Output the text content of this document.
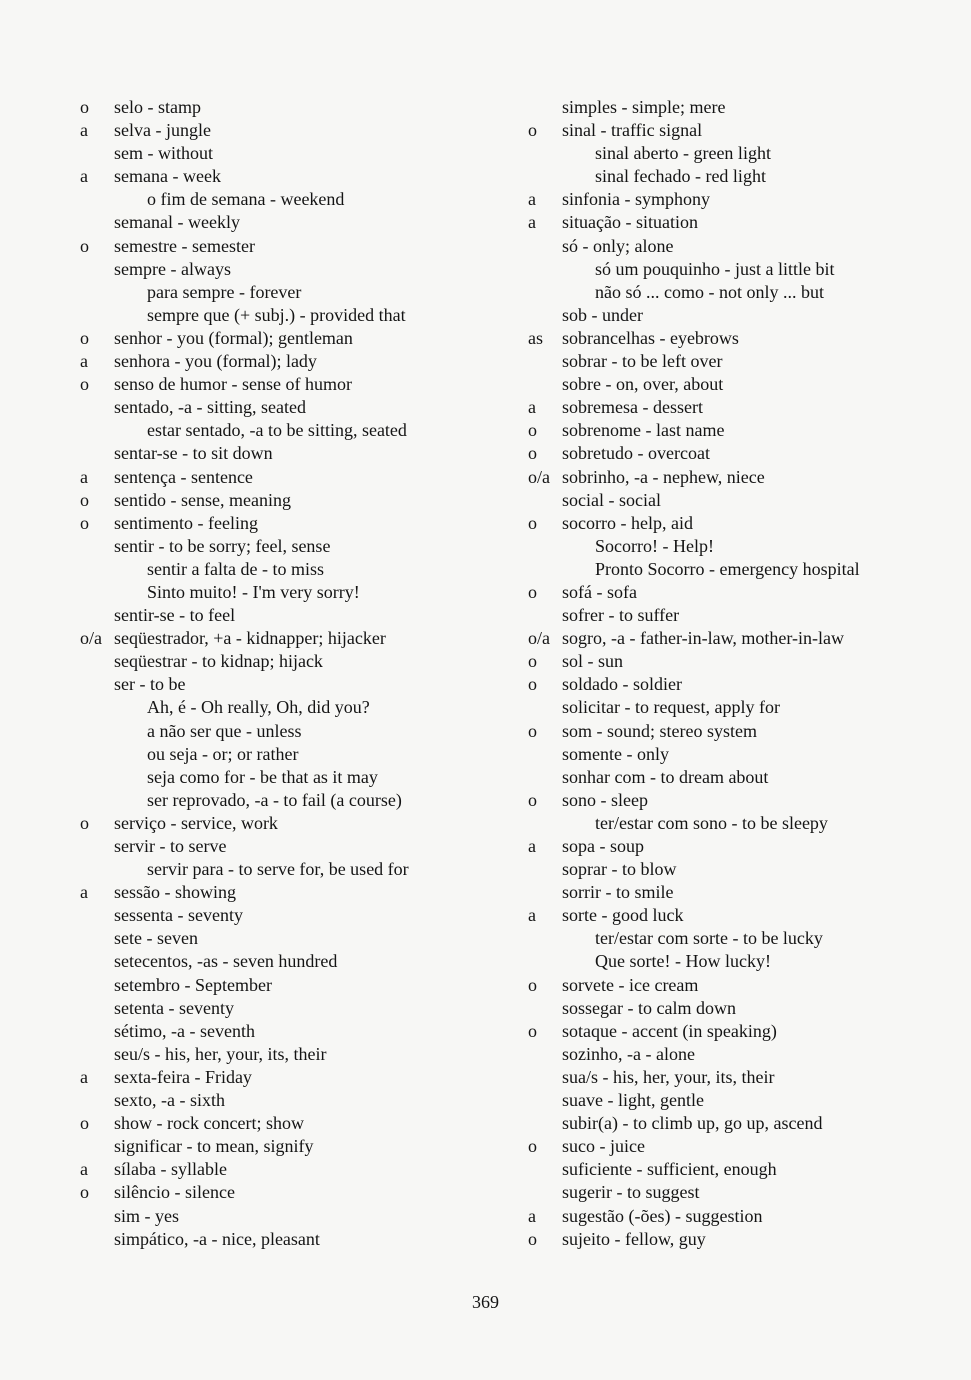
o selo - stamp
a selva - jungle
sem - without
a semana - week
o fim de semana - weekend
semanal - weekly
o semestre - semester
sempre - always
para sempre - forever
sempre que (+ subj.) - provided that
o senhor - you (formal); gentleman
a senhora - you (formal); lady
o senso de humor - sense of humor
sentado, -a - sitting, seated
estar sentado, -a to be sitting, seated
sentar-se - to sit down
a sentença - sentence
o sentido - sense, meaning
o sentimento - feeling
sentir - to be sorry; feel, sense
sentir a falta de - to miss
Sinto muito! - I'm very sorry!
sentir-se - to feel
o/a seqüestrador, +a - kidnapper; hijacker
seqüestrar - to kidnap; hijack
ser - to be
Ah, é - Oh really, Oh, did you?
a não ser que - unless
ou seja - or; or rather
seja como for - be that as it may
ser reprovado, -a - to fail (a course)
o serviço - service, work
servir - to serve
servir para - to serve for, be used for
a sessão - showing
sessenta - seventy
sete - seven
setecentos, -as - seven hundred
setembro - September
setenta - seventy
sétimo, -a - seventh
seu/s - his, her, your, its, their
a sexta-feira - Friday
sexto, -a - sixth
o show - rock concert; show
significar - to mean, signify
a sílaba - syllable
o silêncio - silence
sim - yes
simpático, -a - nice, pleasant
simples - simple; mere
o sinal - traffic signal
sinal aberto - green light
sinal fechado - red light
a sinfonia - symphony
a situação - situation
só - only; alone
só um pouquinho - just a little bit
não só ... como - not only ... but
sob - under
as sobrancelhas - eyebrows
sobrar - to be left over
sobre - on, over, about
a sobremesa - dessert
o sobrenome - last name
o sobretudo - overcoat
o/a sobrinho, -a - nephew, niece
social - social
o socorro - help, aid
Socorro! - Help!
Pronto Socorro - emergency hospital
o sofá - sofa
sofrer - to suffer
o/a sogro, -a - father-in-law, mother-in-law
o sol - sun
o soldado - soldier
solicitar - to request, apply for
o som - sound; stereo system
somente - only
sonhar com - to dream about
o sono - sleep
ter/estar com sono - to be sleepy
a sopa - soup
soprar - to blow
sorrir - to smile
a sorte - good luck
ter/estar com sorte - to be lucky
Que sorte! - How lucky!
o sorvete - ice cream
sossegar - to calm down
o sotaque - accent (in speaking)
sozinho, -a - alone
sua/s - his, her, your, its, their
suave - light, gentle
subir(a) - to climb up, go up, ascend
o suco - juice
suficiente - sufficient, enough
sugerir - to suggest
a sugestão (-ões) - suggestion
o sujeito - fellow, guy
369
